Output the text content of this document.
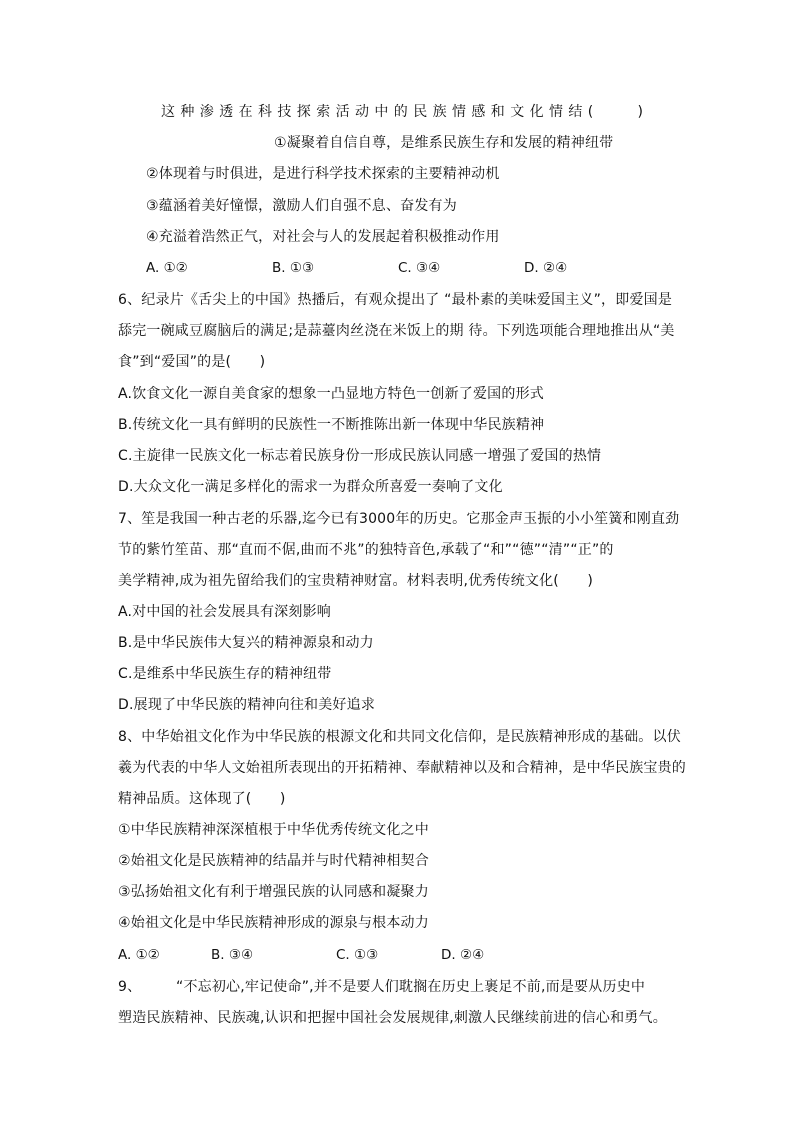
这种渗透在科技探索活动中的民族情感和文化情结(　　)
①凝聚着自信自尊，是维系民族生存和发展的精神纽带
②体现着与时俱进，是进行科学技术探索的主要精神动机
③蕴涵着美好憧憬，激励人们自强不息、奋发有为
④充溢着浩然正气，对社会与人的发展起着积极推动作用
A. ①②	B. ①③	C. ③④	D. ②④
6、纪录片《舌尖上的中国》热播后，有观众提出了 “最朴素的美味爱国主义”，即爱国是
舔完一碗咸豆腐脑后的满足;是蒜薹肉丝浇在米饭上的期 待。下列选项能合理地推出从“美
食”到“爱国”的是(　　)
A.饮食文化一源自美食家的想象一凸显地方特色一创新了爱国的形式
B.传统文化一具有鲜明的民族性一不断推陈出新一体现中华民族精神
C.主旋律一民族文化一标志着民族身份一形成民族认同感一增强了爱国的热情
D.大众文化一满足多样化的需求一为群众所喜爱一奏响了文化
7、笙是我国一种古老的乐器,迄今已有3000年的历史。它那金声玉振的小小笙簧和刚直劲
节的紫竹笙苗、那“直而不倨,曲而不兆”的独特音色,承载了“和”“德”“清”“正”的
美学精神,成为祖先留给我们的宝贵精神财富。材料表明,优秀传统文化(　　)
A.对中国的社会发展具有深刻影响
B.是中华民族伟大复兴的精神源泉和动力
C.是维系中华民族生存的精神纽带
D.展现了中华民族的精神向往和美好追求
8、中华始祖文化作为中华民族的根源文化和共同文化信仰，是民族精神形成的基础。以伏
羲为代表的中华人文始祖所表现出的开拓精神、奉献精神以及和合精神，是中华民族宝贵的
精神品质。这体现了(　　)
①中华民族精神深深植根于中华优秀传统文化之中
②始祖文化是民族精神的结晶并与时代精神相契合
③弘扬始祖文化有利于增强民族的认同感和凝聚力
④始祖文化是中华民族精神形成的源泉与根本动力
A. ①②	B. ③④	C. ①③	D. ②④
9、 “不忘初心,牢记使命”,并不是要人们耽搁在历史上裹足不前,而是要从历史中
塑造民族精神、民族魂,认识和把握中国社会发展规律,刺激人民继续前进的信心和勇气。
